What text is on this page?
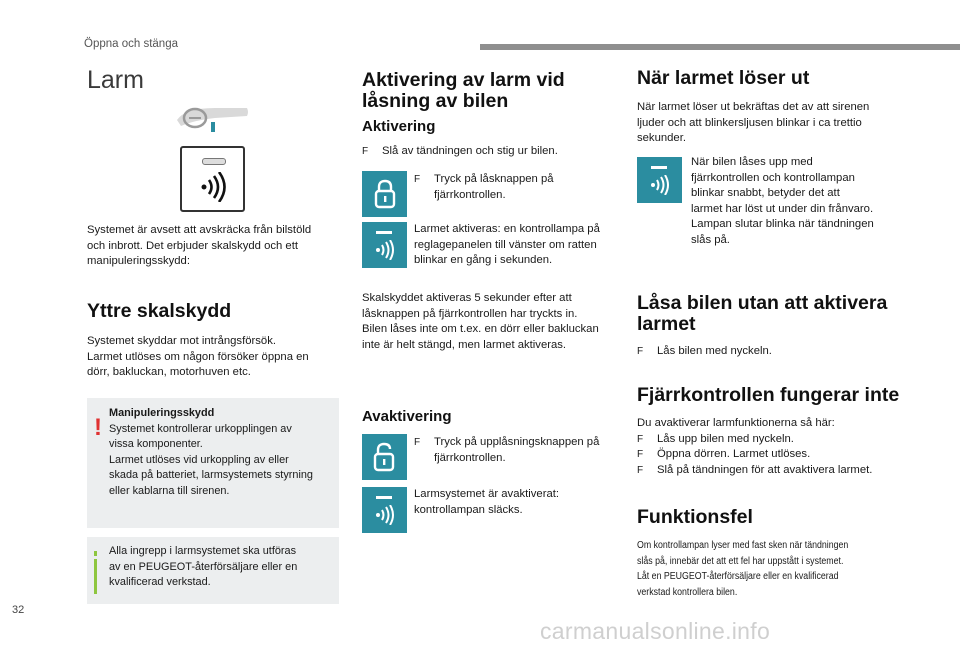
Öppna och stänga
Larm
Systemet är avsett att avskräcka från bilstöld
och inbrott. Det erbjuder skalskydd och ett
manipuleringsskydd:
Yttre skalskydd
Systemet skyddar mot intrångsförsök.
Larmet utlöses om någon försöker öppna en
dörr, bakluckan, motorhuven etc.
!
Manipuleringsskydd
Systemet kontrollerar urkopplingen av
vissa komponenter.
Larmet utlöses vid urkoppling av eller
skada på batteriet, larmsystemets styrning
eller kablarna till sirenen.
Alla ingrepp i larmsystemet ska utföras
av en PEUGEOT-återförsäljare eller en
kvalificerad verkstad.
Aktivering av larm vid
låsning av bilen
Aktivering
F	Slå av tändningen och stig ur bilen.
F	Tryck på låsknappen på
fjärrkontrollen.
Larmet aktiveras: en kontrollampa på
reglagepanelen till vänster om ratten
blinkar en gång i sekunden.
Skalskyddet aktiveras 5 sekunder efter att
låsknappen på fjärrkontrollen har tryckts in.
Bilen låses inte om t.ex. en dörr eller bakluckan
inte är helt stängd, men larmet aktiveras.
Avaktivering
F	Tryck på upplåsningsknappen på
fjärrkontrollen.
Larmsystemet är avaktiverat:
kontrollampan släcks.
När larmet löser ut
När larmet löser ut bekräftas det av att sirenen
ljuder och att blinkersljusen blinkar i ca trettio
sekunder.
När bilen låses upp med
fjärrkontrollen och kontrollampan
blinkar snabbt, betyder det att
larmet har löst ut under din frånvaro.
Lampan slutar blinka när tändningen
slås på.
Låsa bilen utan att aktivera
larmet
F	Lås bilen med nyckeln.
Fjärrkontrollen fungerar inte
Du avaktiverar larmfunktionerna så här:
F	Lås upp bilen med nyckeln.
F	Öppna dörren. Larmet utlöses.
F	Slå på tändningen för att avaktivera larmet.
Funktionsfel
Om kontrollampan lyser med fast sken när tändningen
slås på, innebär det att ett fel har uppstått i systemet.
Låt en PEUGEOT-återförsäljare eller en kvalificerad
verkstad kontrollera bilen.
32
carmanualsonline.info
